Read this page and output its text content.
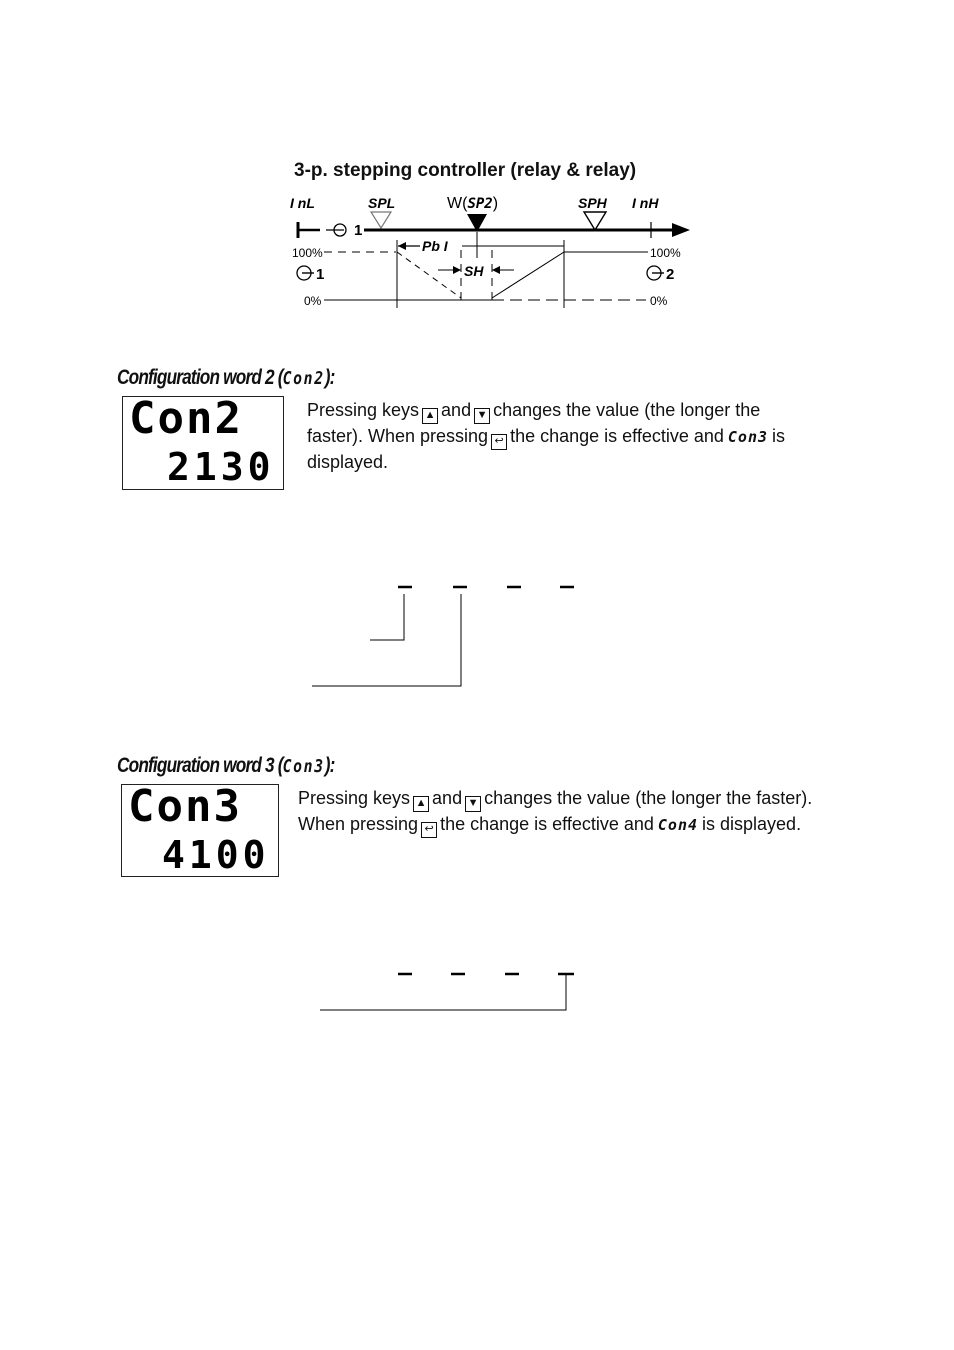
3-p. stepping controller (relay & relay)
I nL	SPL	W(SP2)	SPH I nH
1
100%	100%
Pb I
SH
1	2
0%	0%
Configuration word 2 (Con2):
Con2
2130
Pressing keys ▲ and ▼ changes the value (the longer the
faster). When pressing ↩ the change is effective and Con3 is
displayed.
Configuration word 3 (Con3):
Con3
4100
Pressing keys ▲ and ▼ changes the value (the longer the faster).
When pressing ↩ the change is effective and Con4 is displayed.
